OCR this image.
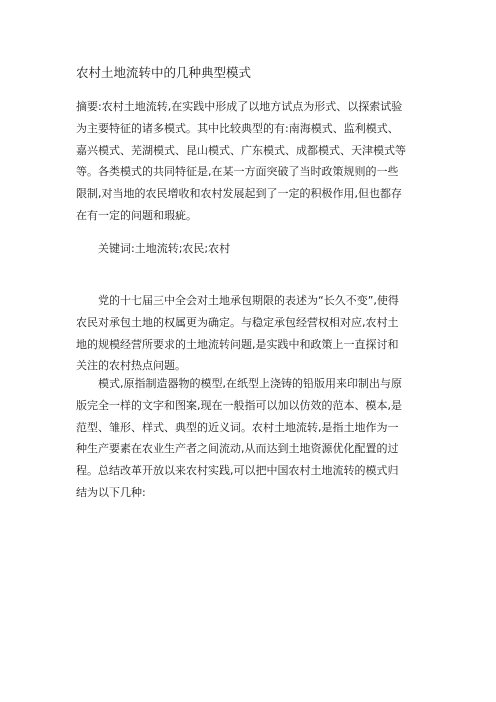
农村土地流转中的几种典型模式

摘要:农村土地流转,在实践中形成了以地方试点为形式、以探索试验
为主要特征的诸多模式。其中比较典型的有:南海模式、监利模式、
嘉兴模式、芜湖模式、昆山模式、广东模式、成都模式、天津模式等
等。各类模式的共同特征是,在某一方面突破了当时政策规则的一些
限制,对当地的农民增收和农村发展起到了一定的积极作用,但也都存
在有一定的问题和瑕疵。

关键词:土地流转;农民;农村

党的十七届三中全会对土地承包期限的表述为“长久不变”,使得
农民对承包土地的权属更为确定。与稳定承包经营权相对应,农村土
地的规模经营所要求的土地流转问题,是实践中和政策上一直探讨和
关注的农村热点问题。

模式,原指制造器物的模型,在纸型上浇铸的铅版用来印制出与原
版完全一样的文字和图案,现在一般指可以加以仿效的范本、模本,是
范型、雏形、样式、典型的近义词。农村土地流转,是指土地作为一
种生产要素在农业生产者之间流动,从而达到土地资源优化配置的过
程。总结改革开放以来农村实践,可以把中国农村土地流转的模式归
结为以下几种:
